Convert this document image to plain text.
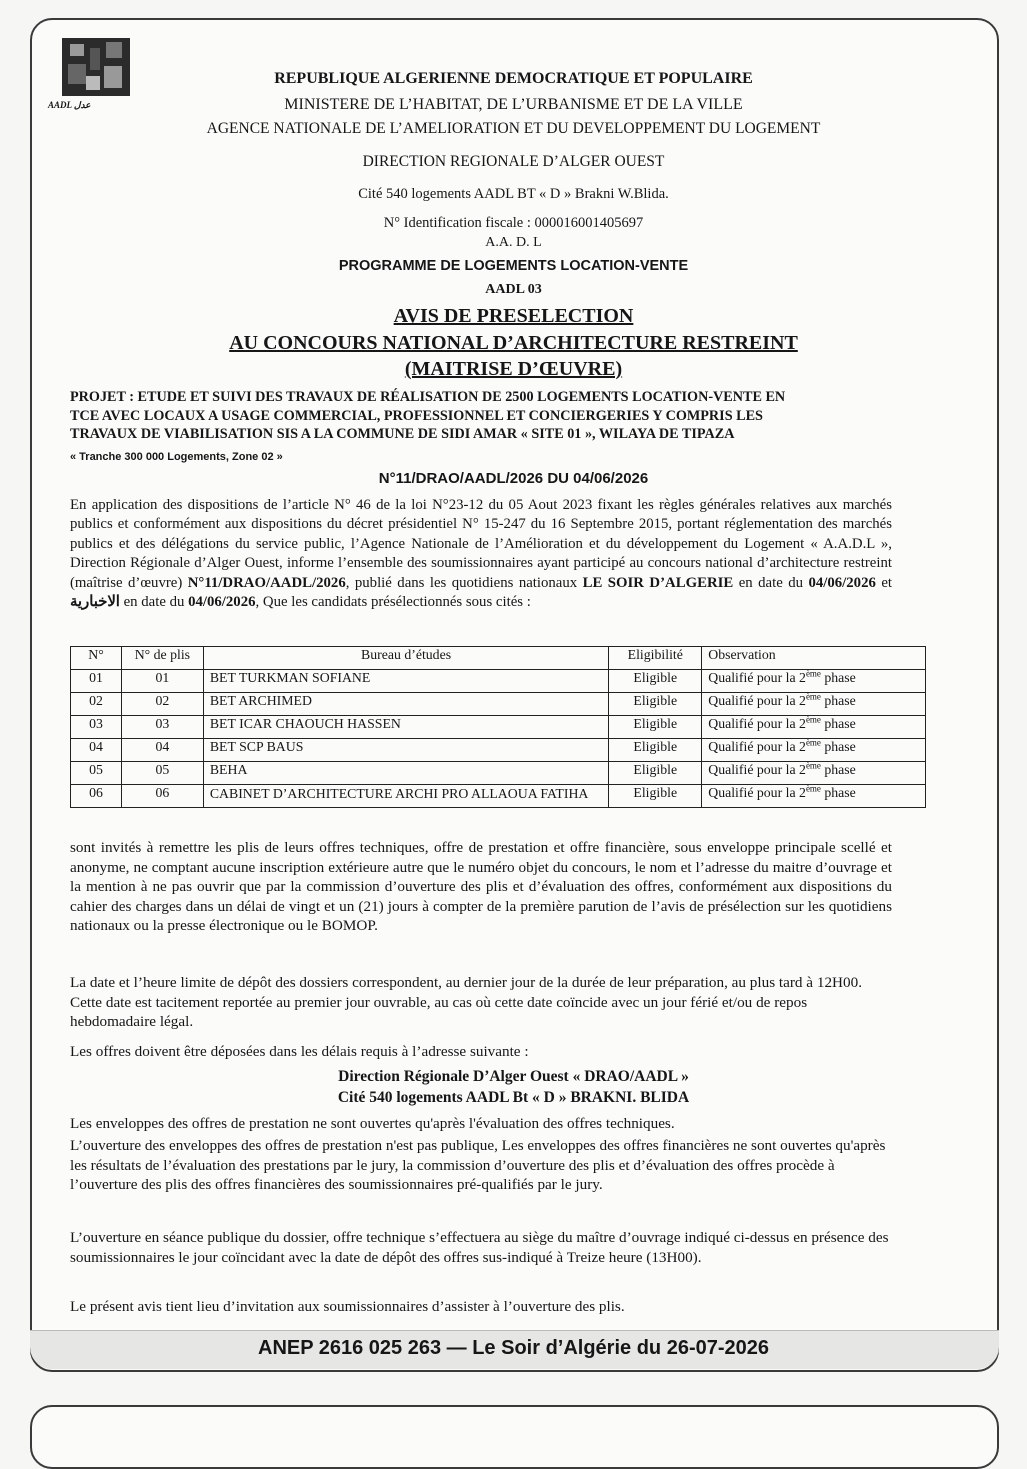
AADL عدل
REPUBLIQUE ALGERIENNE DEMOCRATIQUE ET POPULAIRE
MINISTERE DE L’HABITAT, DE L’URBANISME ET DE LA VILLE
AGENCE NATIONALE DE L’AMELIORATION ET DU DEVELOPPEMENT DU LOGEMENT
DIRECTION REGIONALE D’ALGER OUEST
Cité 540 logements AADL BT « D » Brakni W.Blida.
N° Identification fiscale : 000016001405697
A.A. D. L
PROGRAMME DE LOGEMENTS LOCATION-VENTE
AADL 03
AVIS DE PRESELECTION
AU CONCOURS NATIONAL D’ARCHITECTURE RESTREINT
(MAITRISE D’ŒUVRE)
PROJET : ETUDE ET SUIVI DES TRAVAUX DE RÉALISATION DE 2500 LOGEMENTS LOCATION-VENTE EN
TCE AVEC LOCAUX A USAGE COMMERCIAL, PROFESSIONNEL ET CONCIERGERIES Y COMPRIS LES
TRAVAUX DE VIABILISATION SIS A LA COMMUNE DE SIDI AMAR « SITE 01 », WILAYA DE TIPAZA
« Tranche 300 000 Logements, Zone 02 »
N°11/DRAO/AADL/2026 DU 04/06/2026
En application des dispositions de l’article N° 46 de la loi N°23-12 du 05 Aout 2023 fixant les règles générales relatives aux marchés publics et conformément aux dispositions du décret présidentiel N° 15-247 du 16 Septembre 2015, portant réglementation des marchés publics et des délégations du service public, l’Agence Nationale de l’Amélioration et du développement du Logement « A.A.D.L », Direction Régionale d’Alger Ouest, informe l’ensemble des soumissionnaires ayant participé au concours national d’architecture restreint (maîtrise d’œuvre) N°11/DRAO/AADL/2026, publié dans les quotidiens nationaux LE SOIR D’ALGERIE en date du 04/06/2026 et الاخبارية en date du 04/06/2026, Que les candidats présélectionnés sous cités :
N°	N° de plis	Bureau d’études	Eligibilité	Observation
01	01	BET TURKMAN SOFIANE	Eligible	Qualifié pour la 2ème phase
02	02	BET ARCHIMED	Eligible	Qualifié pour la 2ème phase
03	03	BET ICAR CHAOUCH HASSEN	Eligible	Qualifié pour la 2ème phase
04	04	BET SCP BAUS	Eligible	Qualifié pour la 2ème phase
05	05	BEHA	Eligible	Qualifié pour la 2ème phase
06	06	CABINET D’ARCHITECTURE ARCHI PRO ALLAOUA FATIHA	Eligible	Qualifié pour la 2ème phase
sont invités à remettre les plis de leurs offres techniques, offre de prestation et offre financière, sous enveloppe principale scellé et anonyme, ne comptant aucune inscription extérieure autre que le numéro objet du concours, le nom et l’adresse du maitre d’ouvrage et la mention à ne pas ouvrir que par la commission d’ouverture des plis et d’évaluation des offres, conformément aux dispositions du cahier des charges dans un délai de vingt et un (21) jours à compter de la première parution de l’avis de présélection sur les quotidiens nationaux ou la presse électronique ou le BOMOP.
La date et l’heure limite de dépôt des dossiers correspondent, au dernier jour de la durée de leur préparation, au plus tard à 12H00. Cette date est tacitement reportée au premier jour ouvrable, au cas où cette date coïncide avec un jour férié et/ou de repos hebdomadaire légal.
Les offres doivent être déposées dans les délais requis à l’adresse suivante :
Direction Régionale D’Alger Ouest « DRAO/AADL »
Cité 540 logements AADL Bt « D » BRAKNI. BLIDA
Les enveloppes des offres de prestation ne sont ouvertes qu'après l'évaluation des offres techniques.
L’ouverture des enveloppes des offres de prestation n'est pas publique, Les enveloppes des offres financières ne sont ouvertes qu'après les résultats de l’évaluation des prestations par le jury, la commission d’ouverture des plis et d’évaluation des offres procède à l’ouverture des plis des offres financières des soumissionnaires pré-qualifiés par le jury.
L’ouverture en séance publique du dossier, offre technique s’effectuera au siège du maître d’ouvrage indiqué ci-dessus en présence des soumissionnaires le jour coïncidant avec la date de dépôt des offres sus-indiqué à Treize heure (13H00).
Le présent avis tient lieu d’invitation aux soumissionnaires d’assister à l’ouverture des plis.
ANEP 2616 025 263 — Le Soir d’Algérie du 26-07-2026
